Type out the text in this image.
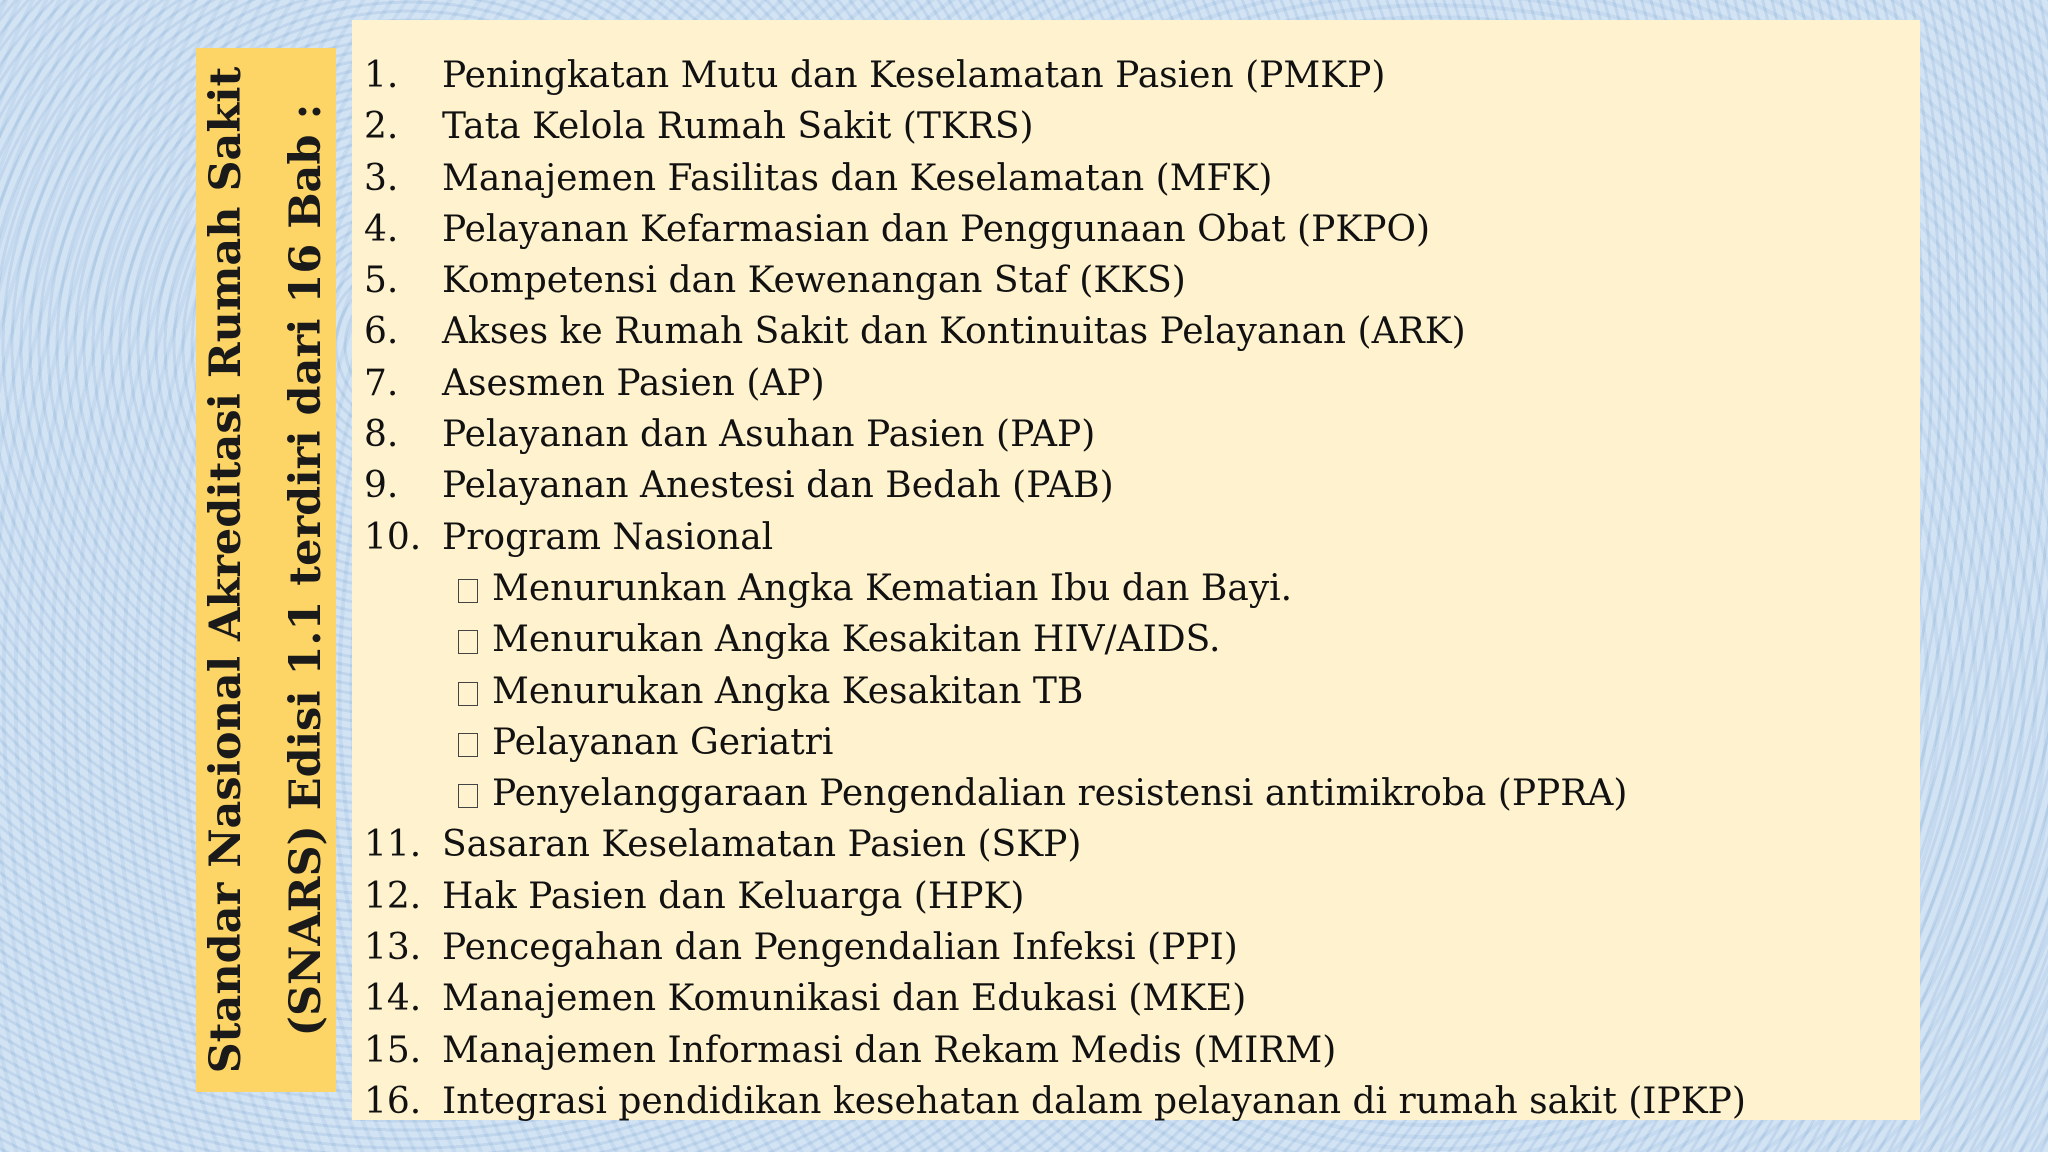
Standar Nasional Akreditasi Rumah Sakit (SNARS) Edisi 1.1 terdiri dari 16 Bab :
1. Peningkatan Mutu dan Keselamatan Pasien (PMKP)
2. Tata Kelola Rumah Sakit (TKRS)
3. Manajemen Fasilitas dan Keselamatan (MFK)
4. Pelayanan Kefarmasian dan Penggunaan Obat (PKPO)
5. Kompetensi dan Kewenangan Staf (KKS)
6. Akses ke Rumah Sakit dan Kontinuitas Pelayanan (ARK)
7. Asesmen Pasien (AP)
8. Pelayanan dan Asuhan Pasien (PAP)
9. Pelayanan Anestesi dan Bedah (PAB)
10. Program Nasional
Menurunkan Angka Kematian Ibu dan Bayi.
Menurukan Angka Kesakitan HIV/AIDS.
Menurukan Angka Kesakitan TB
Pelayanan Geriatri
Penyelanggaraan Pengendalian resistensi antimikroba (PPRA)
11. Sasaran Keselamatan Pasien (SKP)
12. Hak Pasien dan Keluarga (HPK)
13. Pencegahan dan Pengendalian Infeksi (PPI)
14. Manajemen Komunikasi dan Edukasi (MKE)
15. Manajemen Informasi dan Rekam Medis (MIRM)
16. Integrasi pendidikan kesehatan dalam pelayanan di rumah sakit (IPKP)
